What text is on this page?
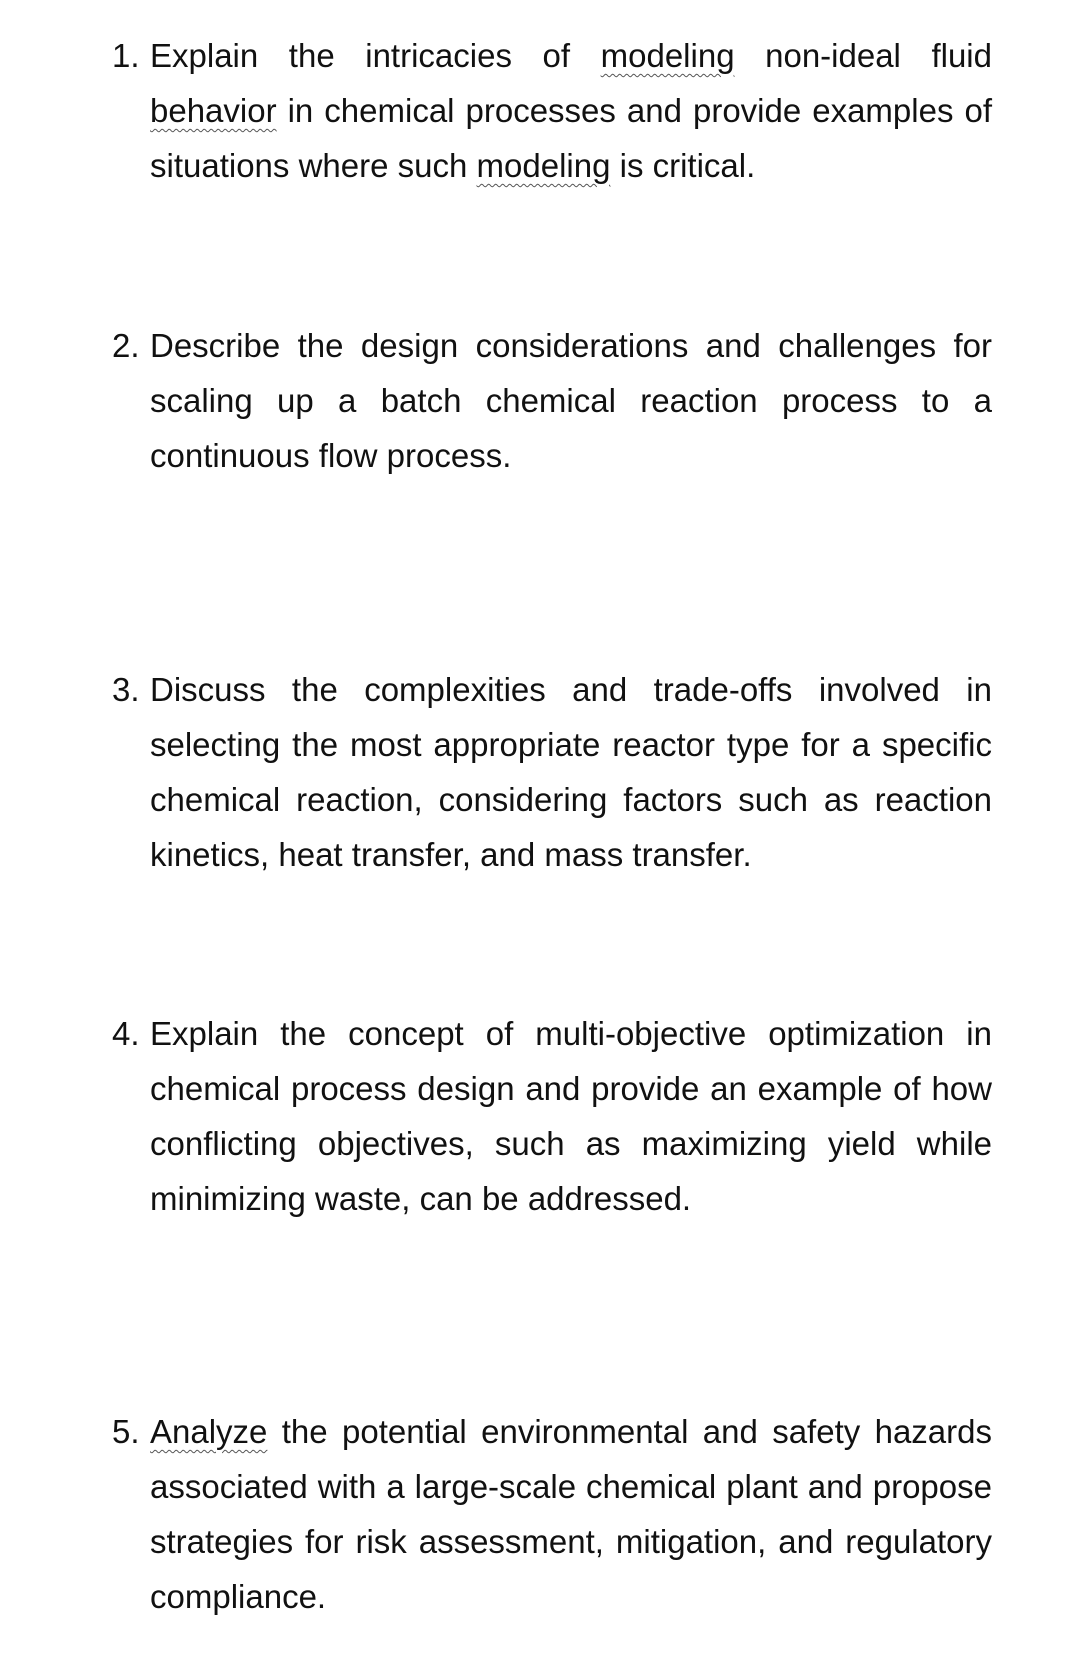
1. Explain the intricacies of modeling non-ideal fluid behavior in chemical processes and provide examples of situations where such modeling is critical.
2. Describe the design considerations and challenges for scaling up a batch chemical reaction process to a continuous flow process.
3. Discuss the complexities and trade-offs involved in selecting the most appropriate reactor type for a specific chemical reaction, considering factors such as reaction kinetics, heat transfer, and mass transfer.
4. Explain the concept of multi-objective optimization in chemical process design and provide an example of how conflicting objectives, such as maximizing yield while minimizing waste, can be addressed.
5. Analyze the potential environmental and safety hazards associated with a large-scale chemical plant and propose strategies for risk assessment, mitigation, and regulatory compliance.
